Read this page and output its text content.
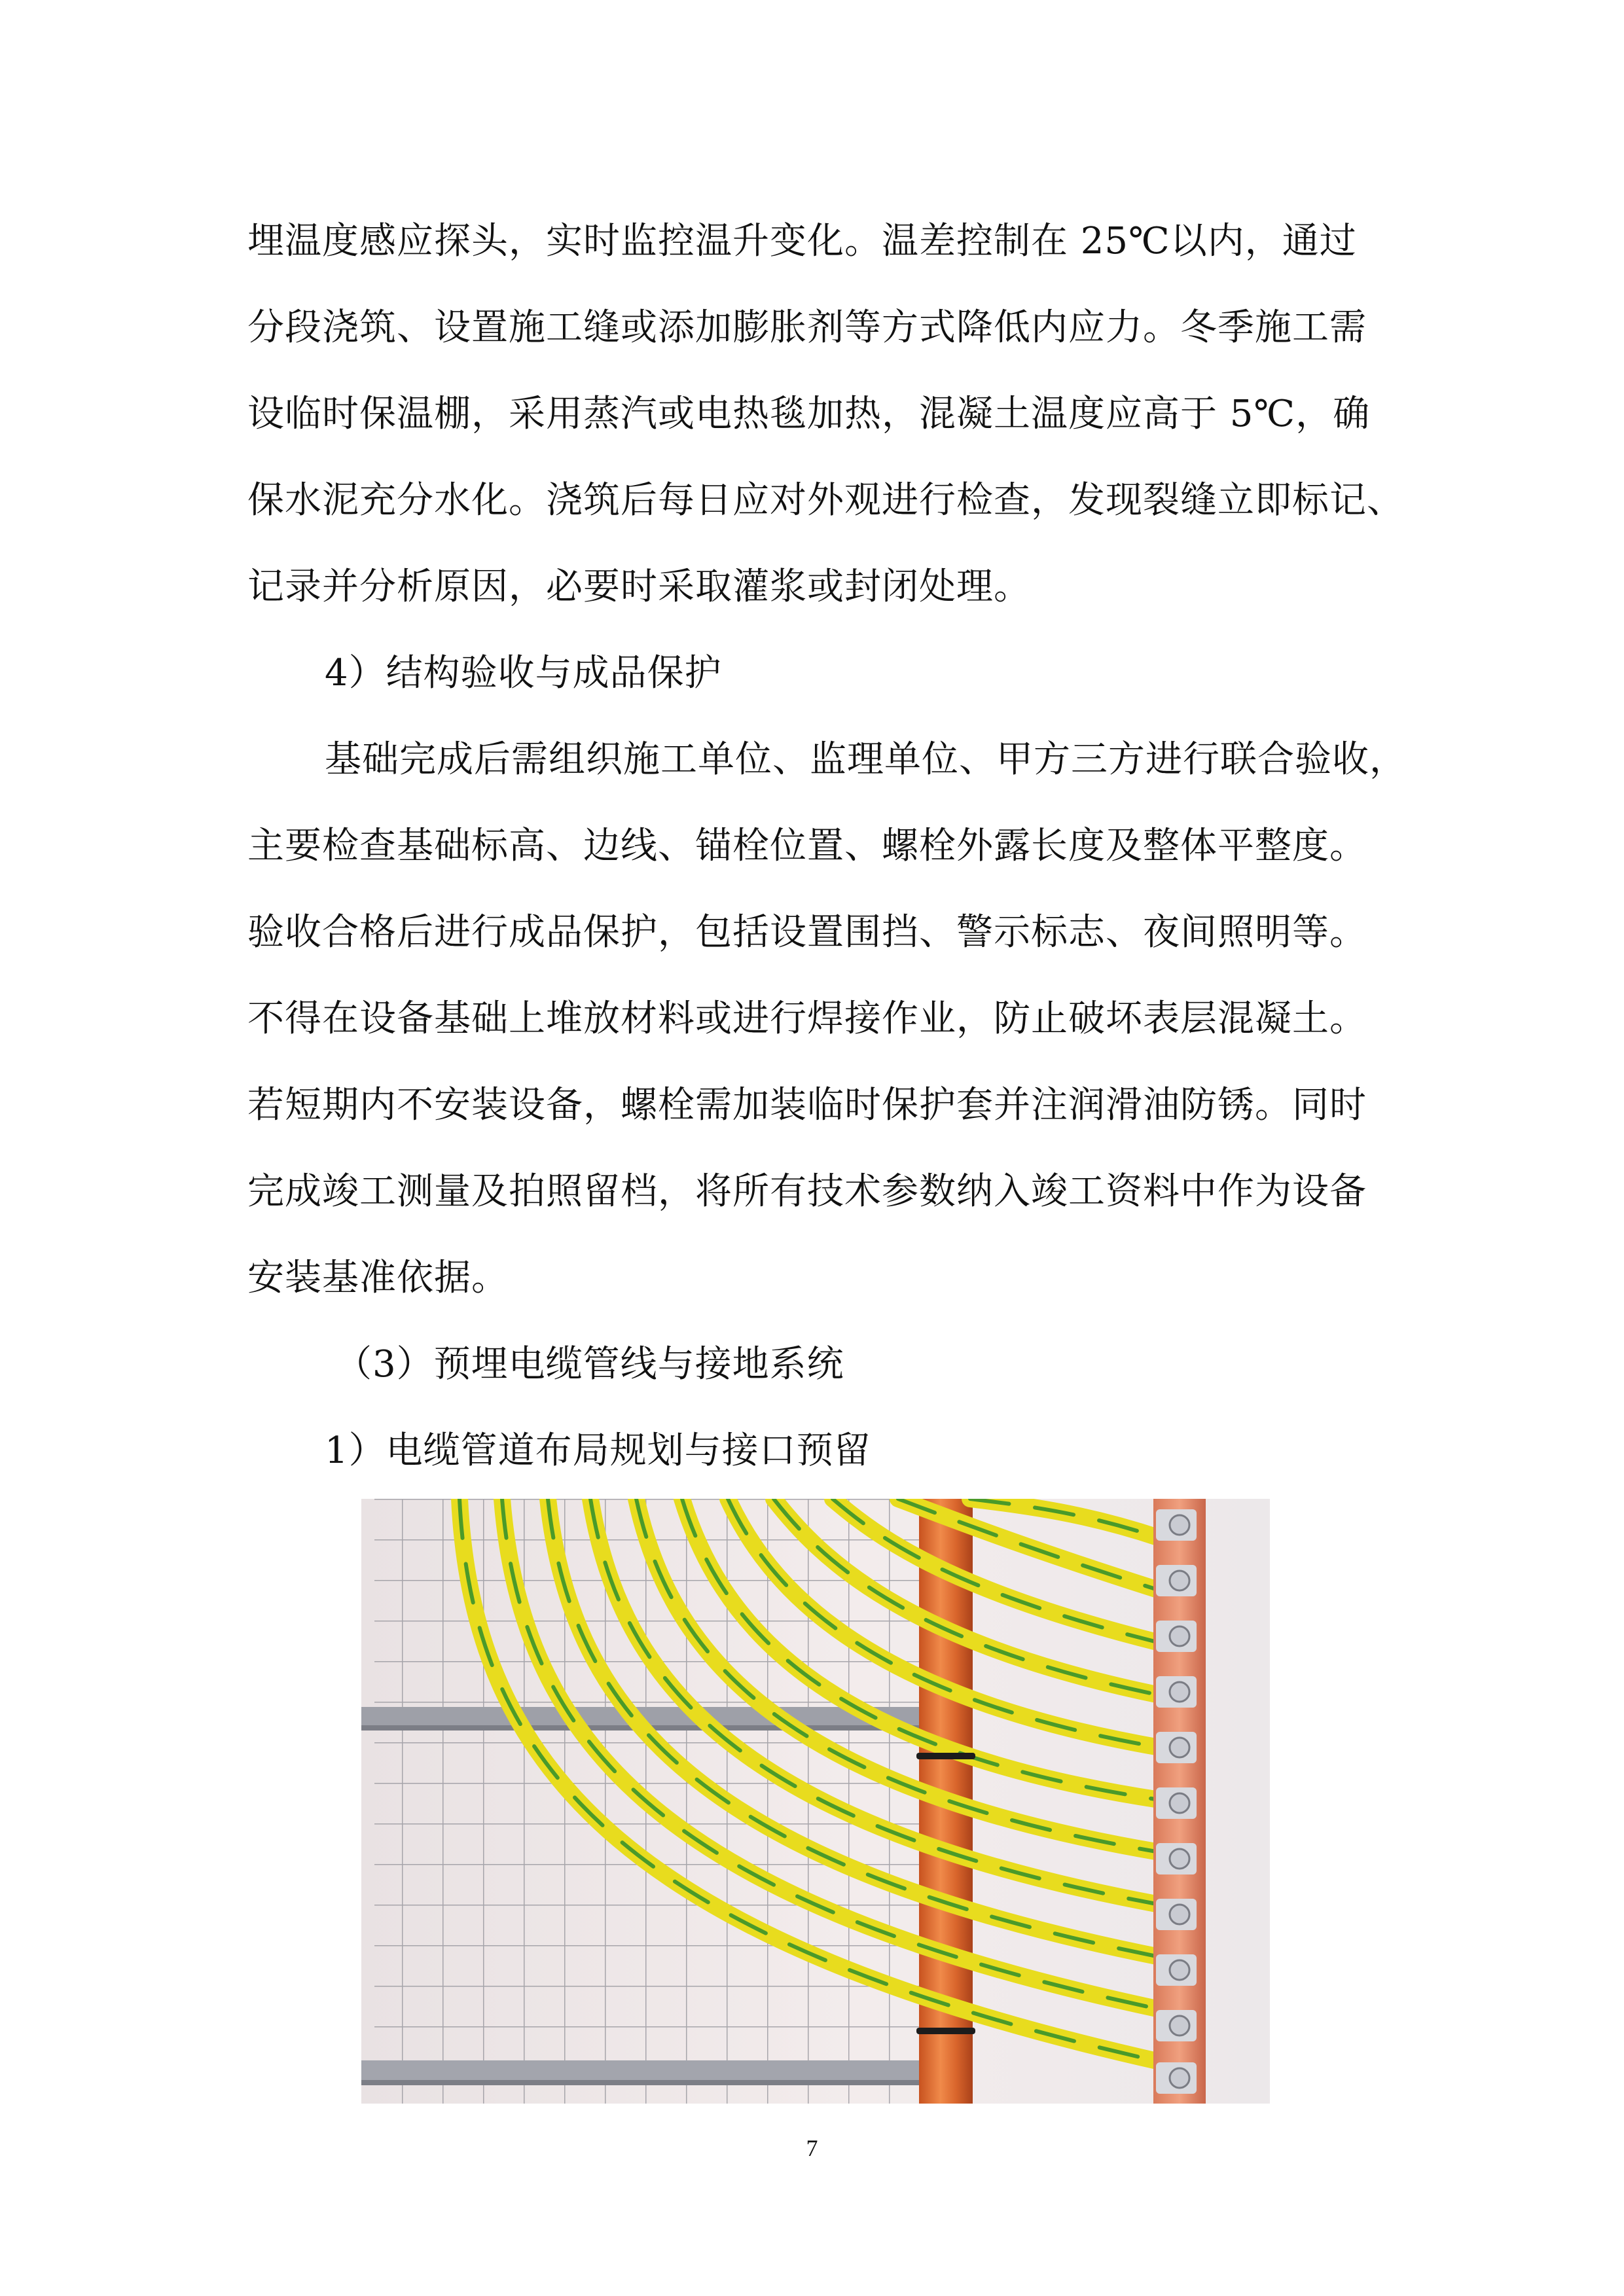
埋温度感应探头，实时监控温升变化。温差控制在 25℃以内，通过
分段浇筑、设置施工缝或添加膨胀剂等方式降低内应力。冬季施工需
设临时保温棚，采用蒸汽或电热毯加热，混凝土温度应高于 5℃，确
保水泥充分水化。浇筑后每日应对外观进行检查，发现裂缝立即标记、
记录并分析原因，必要时采取灌浆或封闭处理。
4）结构验收与成品保护
基础完成后需组织施工单位、监理单位、甲方三方进行联合验收，
主要检查基础标高、边线、锚栓位置、螺栓外露长度及整体平整度。
验收合格后进行成品保护，包括设置围挡、警示标志、夜间照明等。
不得在设备基础上堆放材料或进行焊接作业，防止破坏表层混凝土。
若短期内不安装设备，螺栓需加装临时保护套并注润滑油防锈。同时
完成竣工测量及拍照留档，将所有技术参数纳入竣工资料中作为设备
安装基准依据。
（3）预埋电缆管线与接地系统
1）电缆管道布局规划与接口预留
7
